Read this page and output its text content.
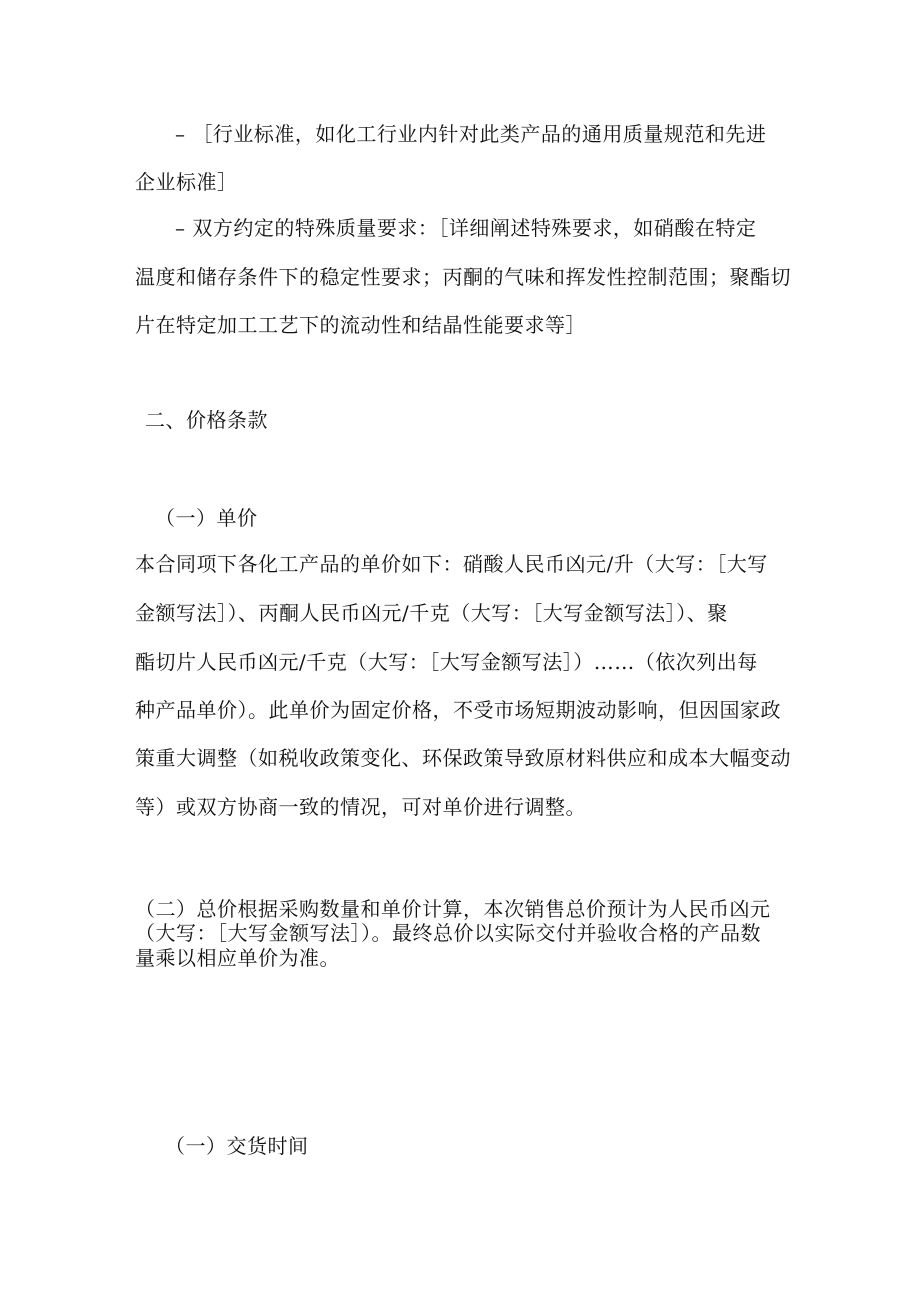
– ［行业标准，如化工行业内针对此类产品的通用质量规范和先进
企业标准］
– 双方约定的特殊质量要求：［详细阐述特殊要求，如硝酸在特定
温度和储存条件下的稳定性要求；丙酮的气味和挥发性控制范围；聚酯切
片在特定加工工艺下的流动性和结晶性能要求等］
二、价格条款
（一）单价
本合同项下各化工产品的单价如下：硝酸人民币凶元/升（大写：［大写
金额写法］）、丙酮人民币凶元/千克（大写：［大写金额写法］）、聚
酯切片人民币凶元/千克（大写：［大写金额写法］）……（依次列出每
种产品单价）。此单价为固定价格，不受市场短期波动影响，但因国家政
策重大调整（如税收政策变化、环保政策导致原材料供应和成本大幅变动
等）或双方协商一致的情况，可对单价进行调整。
（二）总价根据采购数量和单价计算，本次销售总价预计为人民币凶元
（大写：［大写金额写法］）。最终总价以实际交付并验收合格的产品数
量乘以相应单价为准。
（一）交货时间
